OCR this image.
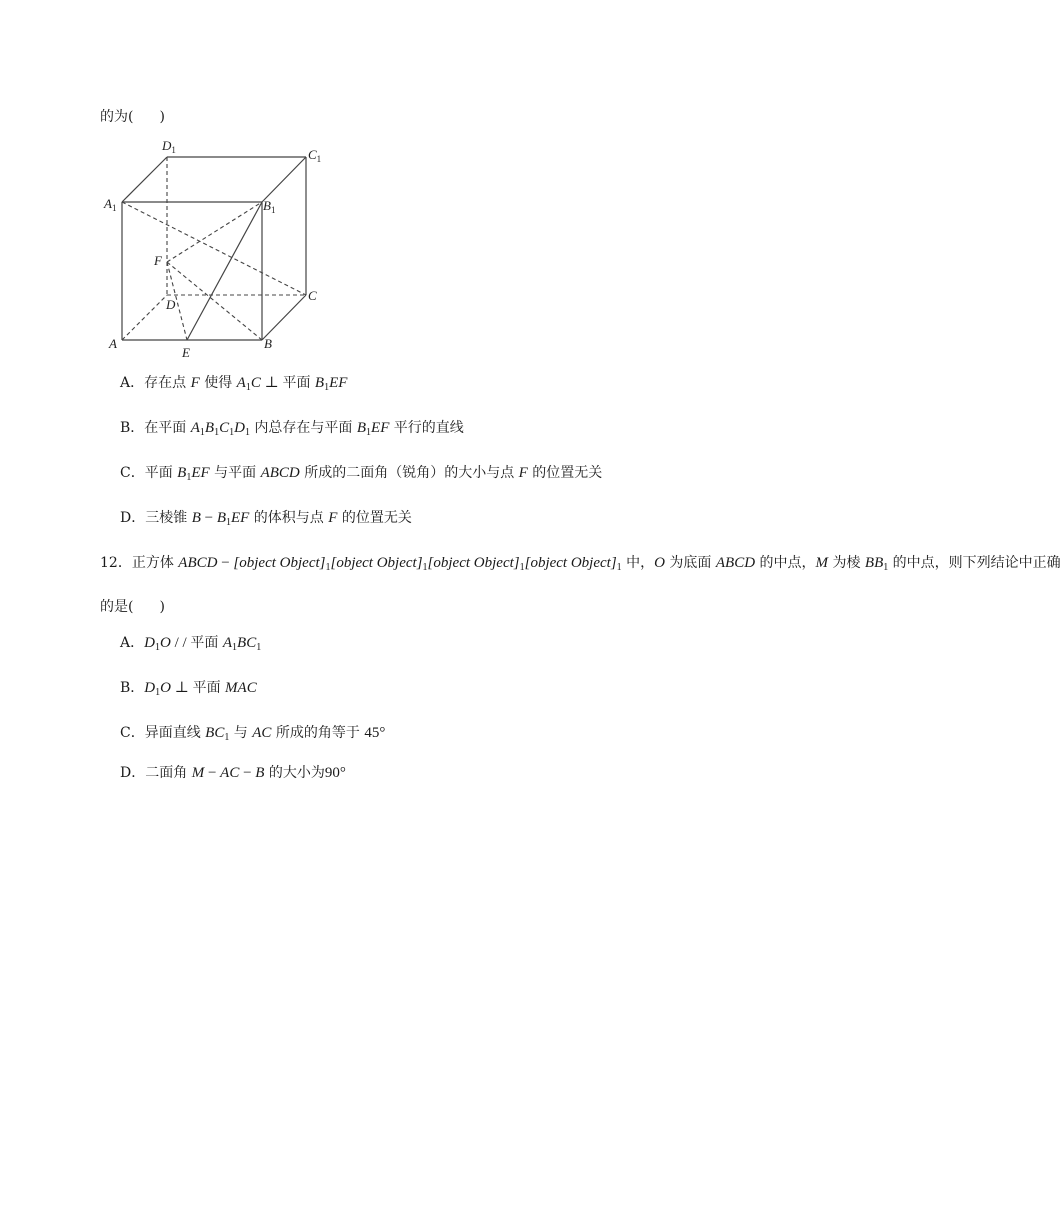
的为( )
$D_1$	$C_1$
$A_1$	$B_1$
F
D
C
A
E
B
A．存在点 F 使得 $A_1C$ ⊥ 平面 $B_1EF$
B．在平面 $A_1B_1C_1D_1$ 内总存在与平面 $B_1EF$ 平行的直线
C．平面 $B_1EF$ 与平面 ABCD 所成的二面角（锐角）的大小与点 F 的位置无关
D．三棱锥 $B - B_1EF$ 的体积与点 F 的位置无关
12．正方体 ABCD − [object $Object]_1[object$ $Object]_1[object$ $Object]_1[object$ $Object]_1$ 中，O 为底面 ABCD 的中点，M 为棱 $BB_1$ 的中点，则下列结论中正确
的是( )
A．$D_1O$ / / 平面 $A_1BC_1$
B．$D_1O$ ⊥ 平面 MAC
C．异面直线 $BC_1$ 与 AC 所成的角等于 45°
D．二面角 M − AC − B 的大小为90°
